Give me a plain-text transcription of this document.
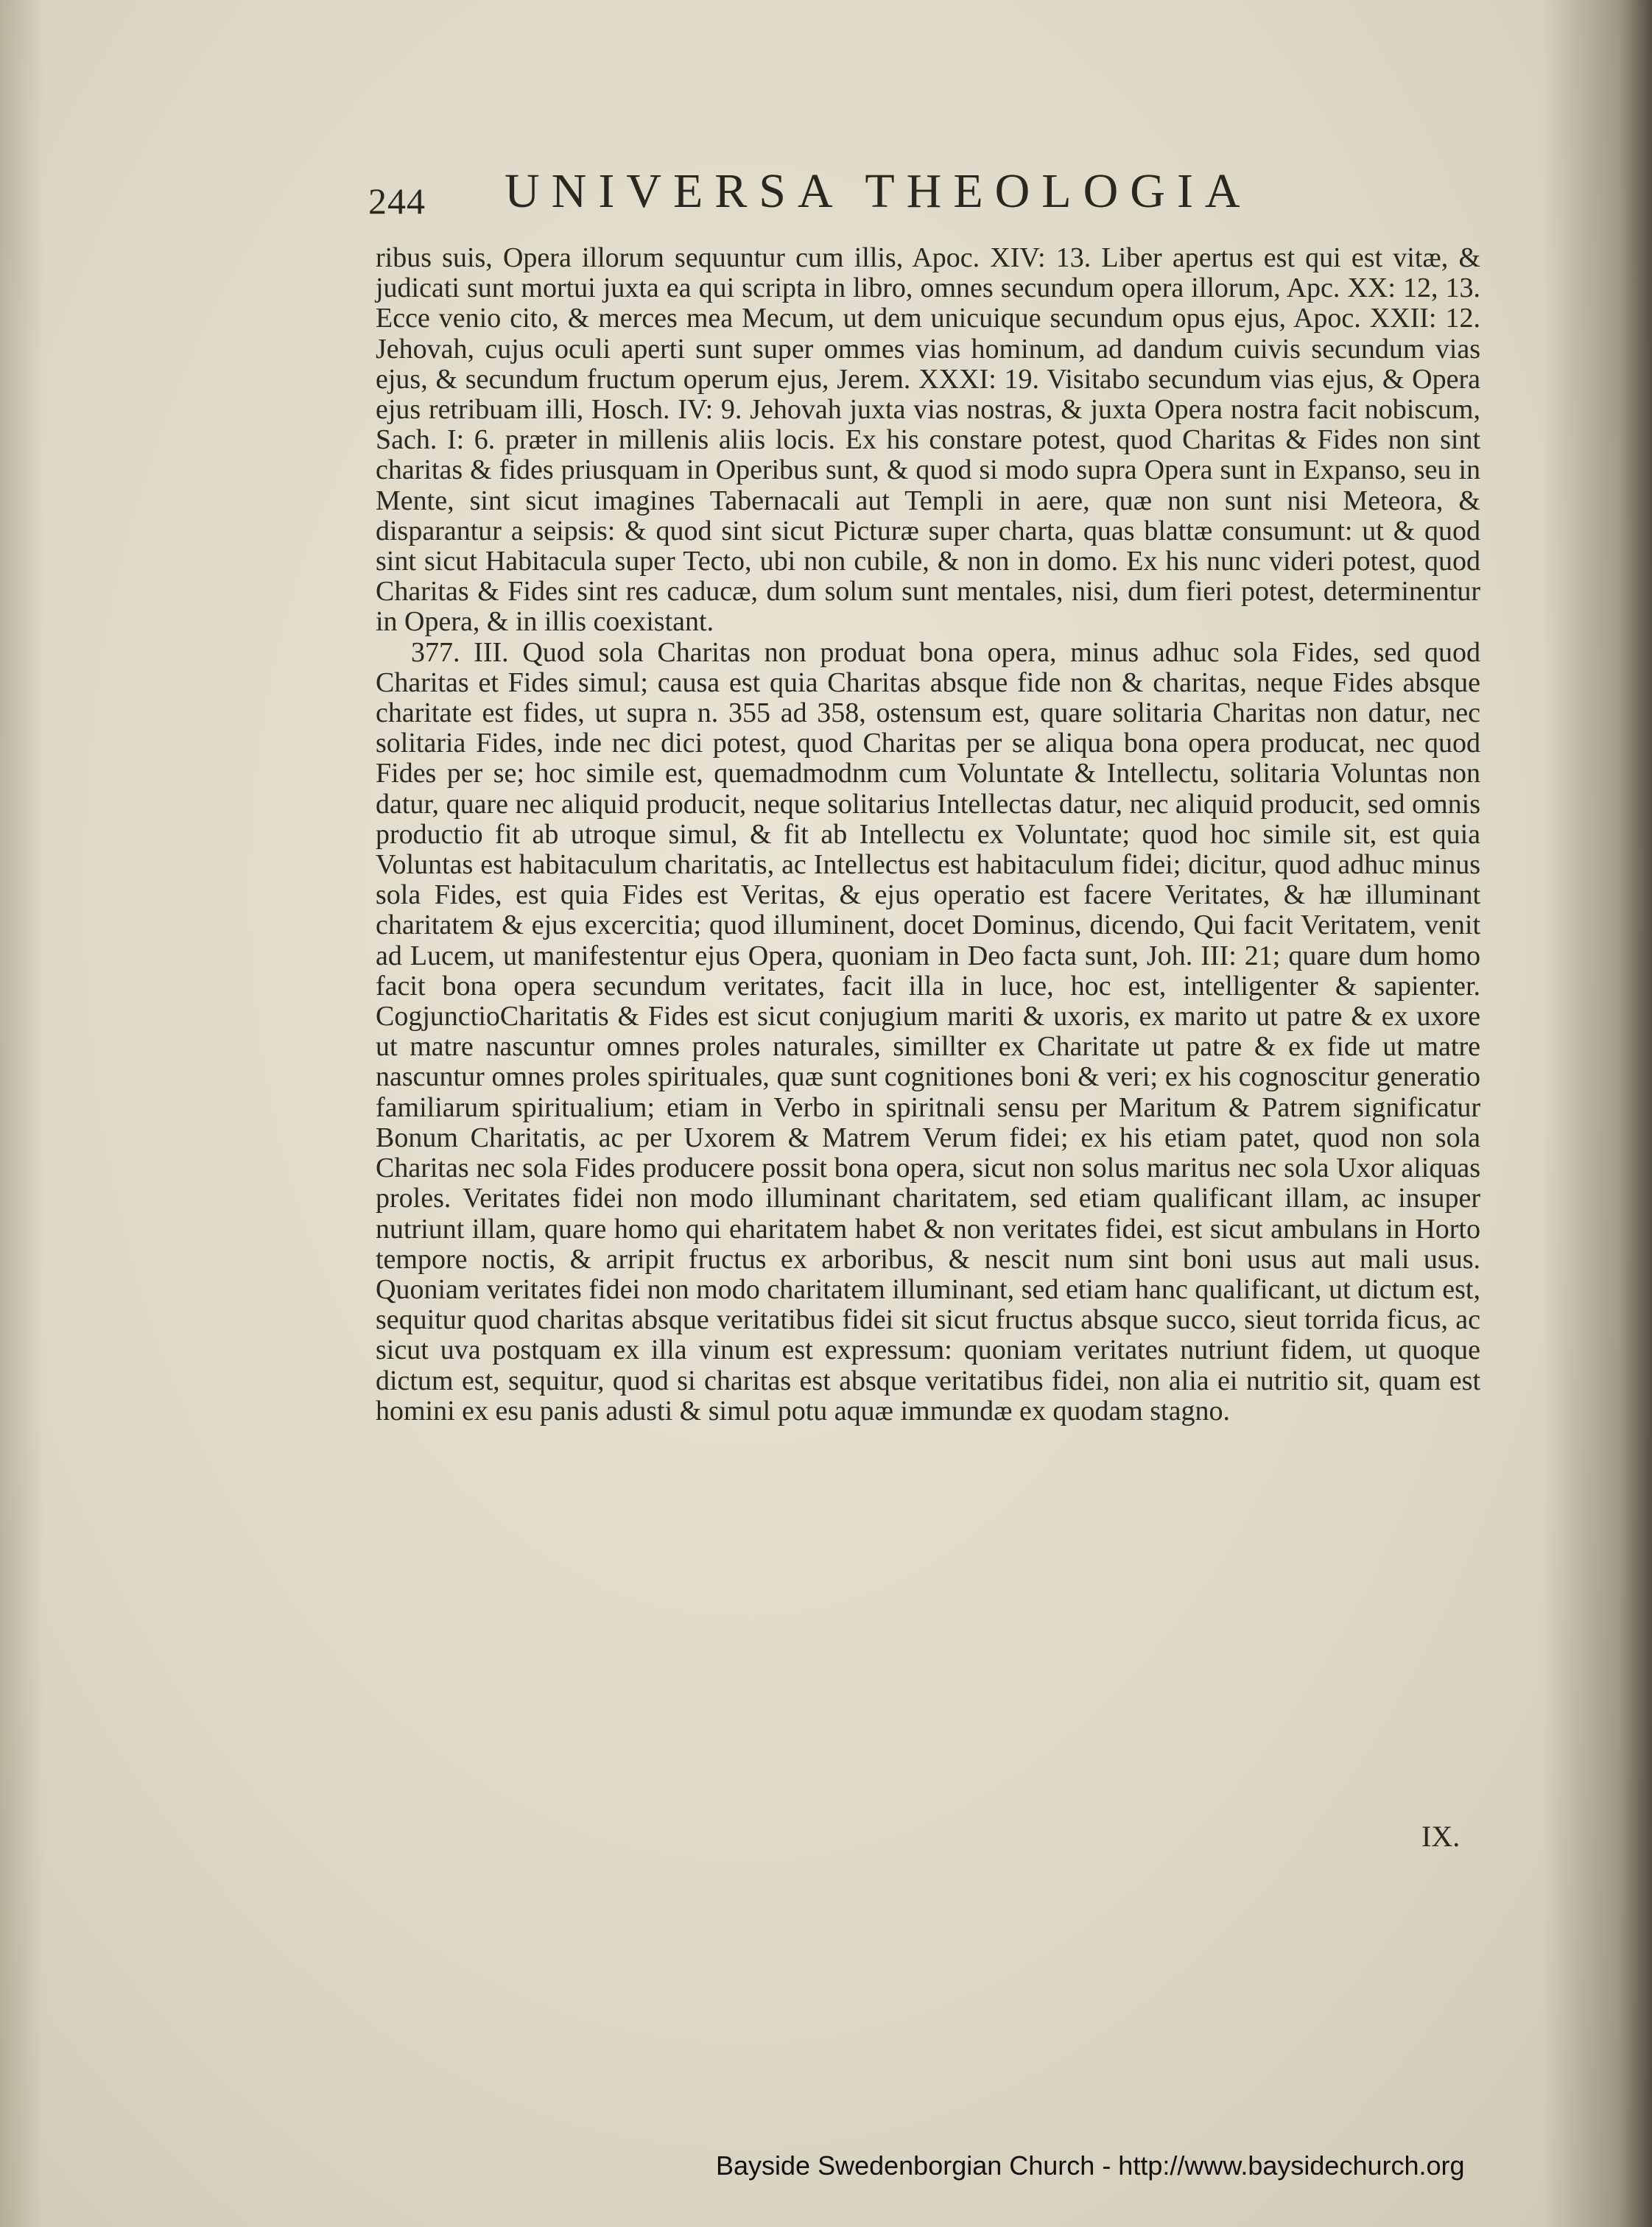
244 UNIVERSA THEOLOGIA

ribus suis, Opera illorum sequuntur cum illis, Apoc. XIV: 13. Liber apertus est qui est vitæ, & judicati sunt mortui juxta ea qui scripta in libro, omnes secundum opera illorum, Apc. XX: 12, 13. Ecce venio cito, & merces mea Mecum, ut dem unicuique secundum opus ejus, Apoc. XXII: 12. Jehovah, cujus oculi aperti sunt super ommes vias hominum, ad dandum cuivis secundum vias ejus, & secundum fructum operum ejus, Jerem. XXXI: 19. Visitabo secundum vias ejus, & Opera ejus retribuam illi, Hosch. IV: 9. Jehovah juxta vias nostras, & juxta Opera nostra facit nobiscum, Sach. I: 6. præter in millenis aliis locis. Ex his constare potest, quod Charitas & Fides non sint charitas & fides priusquam in Operibus sunt, & quod si modo supra Opera sunt in Expanso, seu in Mente, sint sicut imagines Tabernacali aut Templi in aere, quæ non sunt nisi Meteora, & disparantur a seipsis: & quod sint sicut Picturæ super charta, quas blattæ consumunt: ut & quod sint sicut Habitacula super Tecto, ubi non cubile, & non in domo. Ex his nunc videri potest, quod Charitas & Fides sint res caducæ, dum solum sunt mentales, nisi, dum fieri potest, determinentur in Opera, & in illis coexistant.

377. III. Quod sola Charitas non produat bona opera, minus adhuc sola Fides, sed quod Charitas et Fides simul; causa est quia Charitas absque fide non & charitas, neque Fides absque charitate est fides, ut supra n. 355 ad 358, ostensum est, quare solitaria Charitas non datur, nec solitaria Fides, inde nec dici potest, quod Charitas per se aliqua bona opera producat, nec quod Fides per se; hoc simile est, quemadmodnm cum Voluntate & Intellectu, solitaria Voluntas non datur, quare nec aliquid producit, neque solitarius Intellectas datur, nec aliquid producit, sed omnis productio fit ab utroque simul, & fit ab Intellectu ex Voluntate; quod hoc simile sit, est quia Voluntas est habitaculum charitatis, ac Intellectus est habitaculum fidei; dicitur, quod adhuc minus sola Fides, est quia Fides est Veritas, & ejus operatio est facere Veritates, & hæ illuminant charitatem & ejus excercitia; quod illuminent, docet Dominus, dicendo, Qui facit Veritatem, venit ad Lucem, ut manifestentur ejus Opera, quoniam in Deo facta sunt, Joh. III: 21; quare dum homo facit bona opera secundum veritates, facit illa in luce, hoc est, intelligenter & sapienter. CogjunctioCharitatis & Fides est sicut conjugium mariti & uxoris, ex marito ut patre & ex uxore ut matre nascuntur omnes proles naturales, simillter ex Charitate ut patre & ex fide ut matre nascuntur omnes proles spirituales, quæ sunt cognitiones boni & veri; ex his cognoscitur generatio familiarum spiritualium; etiam in Verbo in spiritnali sensu per Maritum & Patrem significatur Bonum Charitatis, ac per Uxorem & Matrem Verum fidei; ex his etiam patet, quod non sola Charitas nec sola Fides producere possit bona opera, sicut non solus maritus nec sola Uxor aliquas proles. Veritates fidei non modo illuminant charitatem, sed etiam qualificant illam, ac insuper nutriunt illam, quare homo qui eharitatem habet & non veritates fidei, est sicut ambulans in Horto tempore noctis, & arripit fructus ex arboribus, & nescit num sint boni usus aut mali usus. Quoniam veritates fidei non modo charitatem illuminant, sed etiam hanc qualificant, ut dictum est, sequitur quod charitas absque veritatibus fidei sit sicut fructus absque succo, sieut torrida ficus, ac sicut uva postquam ex illa vinum est expressum: quoniam veritates nutriunt fidem, ut quoque dictum est, sequitur, quod si charitas est absque veritatibus fidei, non alia ei nutritio sit, quam est homini ex esu panis adusti & simul potu aquæ immundæ ex quodam stagno.

IX.
Bayside Swedenborgian Church - http://www.baysidechurch.org
